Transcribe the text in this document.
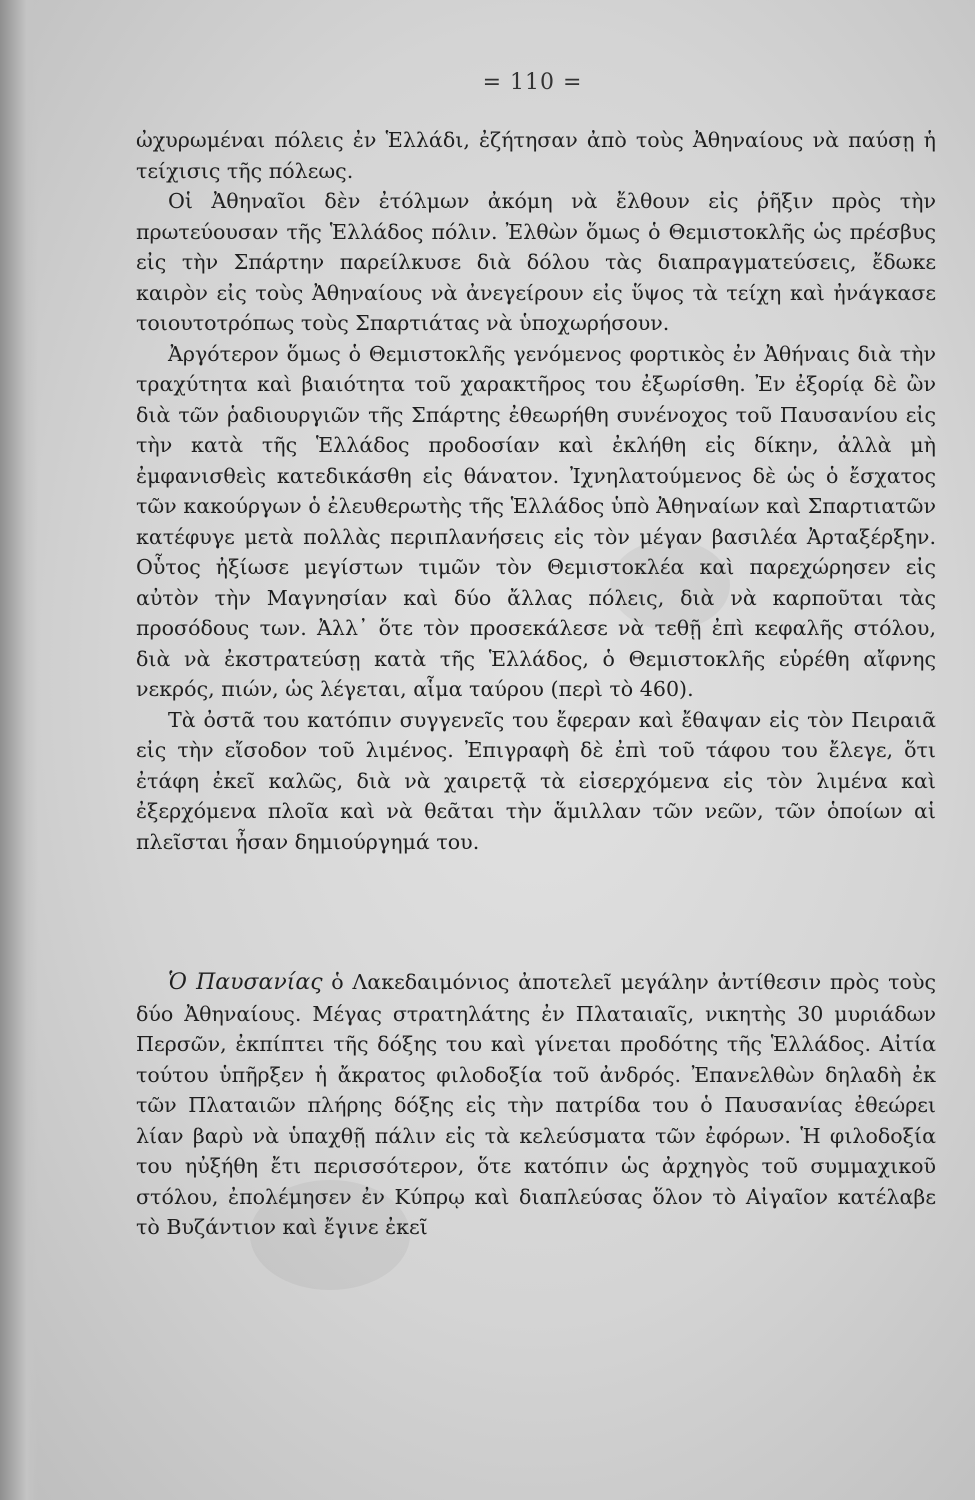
= 110 =

ὠχυρωμέναι πόλεις ἐν Ἑλλάδι, ἐζήτησαν ἀπὸ τοὺς Ἀθηναίους νὰ παύσῃ ἡ τείχισις τῆς πόλεως.

Οἱ Ἀθηναῖοι δὲν ἐτόλμων ἀκόμη νὰ ἔλθουν εἰς ῥῆξιν πρὸς τὴν πρωτεύουσαν τῆς Ἑλλάδος πόλιν. Ἐλθὼν ὅμως ὁ Θεμιστοκλῆς ὡς πρέσβυς εἰς τὴν Σπάρτην παρείλκυσε διὰ δόλου τὰς διαπραγματεύσεις, ἔδωκε καιρὸν εἰς τοὺς Ἀθηναίους νὰ ἀνεγείρουν εἰς ὕψος τὰ τείχη καὶ ἠνάγκασε τοιουτοτρόπως τοὺς Σπαρτιάτας νὰ ὑποχωρήσουν.

Ἀργότερον ὅμως ὁ Θεμιστοκλῆς γενόμενος φορτικὸς ἐν Ἀθήναις διὰ τὴν τραχύτητα καὶ βιαιότητα τοῦ χαρακτῆρος του ἐξωρίσθη. Ἐν ἐξορίᾳ δὲ ὢν διὰ τῶν ῥαδιουργιῶν τῆς Σπάρτης ἐθεωρήθη συνένοχος τοῦ Παυσανίου εἰς τὴν κατὰ τῆς Ἑλλάδος προδοσίαν καὶ ἐκλήθη εἰς δίκην, ἀλλὰ μὴ ἐμφανισθεὶς κατεδικάσθη εἰς θάνατον. Ἰχνηλατούμενος δὲ ὡς ὁ ἔσχατος τῶν κακούργων ὁ ἐλευθερωτὴς τῆς Ἑλλάδος ὑπὸ Ἀθηναίων καὶ Σπαρτιατῶν κατέφυγε μετὰ πολλὰς περιπλανήσεις εἰς τὸν μέγαν βασιλέα Ἀρταξέρξην. Οὗτος ἠξίωσε μεγίστων τιμῶν τὸν Θεμιστοκλέα καὶ παρεχώρησεν εἰς αὐτὸν τὴν Μαγνησίαν καὶ δύο ἄλλας πόλεις, διὰ νὰ καρποῦται τὰς προσόδους των. Ἀλλ᾽ ὅτε τὸν προσεκάλεσε νὰ τεθῇ ἐπὶ κεφαλῆς στόλου, διὰ νὰ ἐκστρατεύσῃ κατὰ τῆς Ἑλλάδος, ὁ Θεμιστοκλῆς εὑρέθη αἴφνης νεκρός, πιών, ὡς λέγεται, αἷμα ταύρου (περὶ τὸ 460).

Τὰ ὀστᾶ του κατόπιν συγγενεῖς του ἔφεραν καὶ ἔθαψαν εἰς τὸν Πειραιᾶ εἰς τὴν εἴσοδον τοῦ λιμένος. Ἐπιγραφὴ δὲ ἐπὶ τοῦ τάφου του ἔλεγε, ὅτι ἐτάφη ἐκεῖ καλῶς, διὰ νὰ χαιρετᾷ τὰ εἰσερχόμενα εἰς τὸν λιμένα καὶ ἐξερχόμενα πλοῖα καὶ νὰ θεᾶται τὴν ἅμιλλαν τῶν νεῶν, τῶν ὁποίων αἱ πλεῖσται ἦσαν δημιούργημά του.

Ὁ Παυσανίας ὁ Λακεδαιμόνιος ἀποτελεῖ μεγάλην ἀντίθεσιν πρὸς τοὺς δύο Ἀθηναίους. Μέγας στρατηλάτης ἐν Πλαταιαῖς, νικητὴς 30 μυριάδων Περσῶν, ἐκπίπτει τῆς δόξης του καὶ γίνεται προδότης τῆς Ἑλλάδος. Αἰτία τούτου ὑπῆρξεν ἡ ἄκρατος φιλοδοξία τοῦ ἀνδρός. Ἐπανελθὼν δηλαδὴ ἐκ τῶν Πλαταιῶν πλήρης δόξης εἰς τὴν πατρίδα του ὁ Παυσανίας ἐθεώρει λίαν βαρὺ νὰ ὑπαχθῇ πάλιν εἰς τὰ κελεύσματα τῶν ἐφόρων. Ἡ φιλοδοξία του ηὐξήθη ἔτι περισσότερον, ὅτε κατόπιν ὡς ἀρχηγὸς τοῦ συμμαχικοῦ στόλου, ἐπολέμησεν ἐν Κύπρῳ καὶ διαπλεύσας ὅλον τὸ Αἰγαῖον κατέλαβε τὸ Βυζάντιον καὶ ἔγινε ἐκεῖ
